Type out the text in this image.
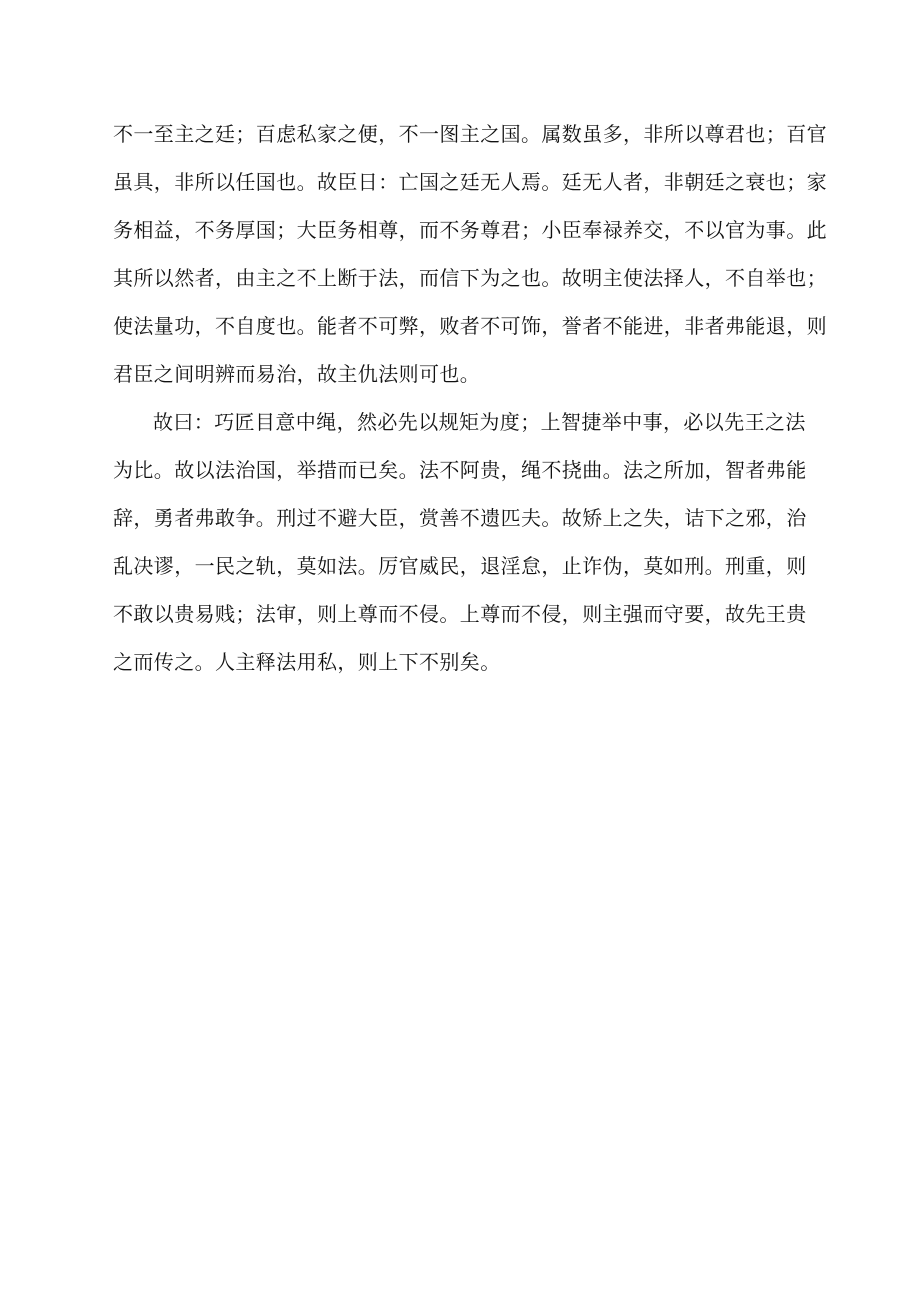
不一至主之廷；百虑私家之便，不一图主之国。属数虽多，非所以尊君也；百官
虽具，非所以任国也。故臣日：亡国之廷无人焉。廷无人者，非朝廷之衰也；家
务相益，不务厚国；大臣务相尊，而不务尊君；小臣奉禄养交，不以官为事。此
其所以然者，由主之不上断于法，而信下为之也。故明主使法择人，不自举也；
使法量功，不自度也。能者不可弊，败者不可饰，誉者不能进，非者弗能退，则
君臣之间明辨而易治，故主仇法则可也。
故曰：巧匠目意中绳，然必先以规矩为度；上智捷举中事，必以先王之法
为比。故以法治国，举措而已矣。法不阿贵，绳不挠曲。法之所加，智者弗能
辞，勇者弗敢争。刑过不避大臣，赏善不遗匹夫。故矫上之失，诘下之邪，治
乱决谬，一民之轨，莫如法。厉官威民，退淫怠，止诈伪，莫如刑。刑重，则
不敢以贵易贱；法审，则上尊而不侵。上尊而不侵，则主强而守要，故先王贵
之而传之。人主释法用私，则上下不别矣。
